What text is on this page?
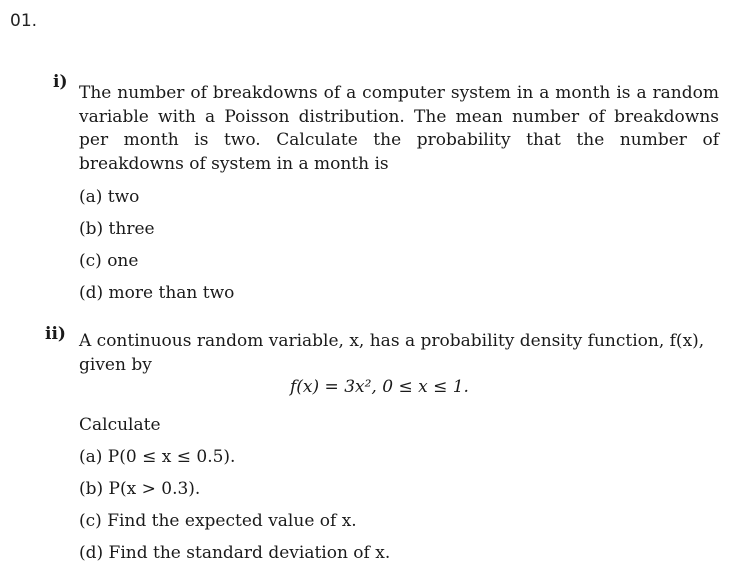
01.
i)
The number of breakdowns of a computer system in a month is a random variable with a Poisson distribution. The mean number of breakdowns per month is two. Calculate the probability that the number of breakdowns of system in a month is
(a) two
(b) three
(c) one
(d) more than two
ii) A continuous random variable, x, has a probability density function, f(x),
given by
f(x) = 3x², 0 ≤ x ≤ 1.
Calculate
(a) P(0 ≤ x ≤ 0.5).
(b) P(x > 0.3).
(c) Find the expected value of x.
(d) Find the standard deviation of x.
